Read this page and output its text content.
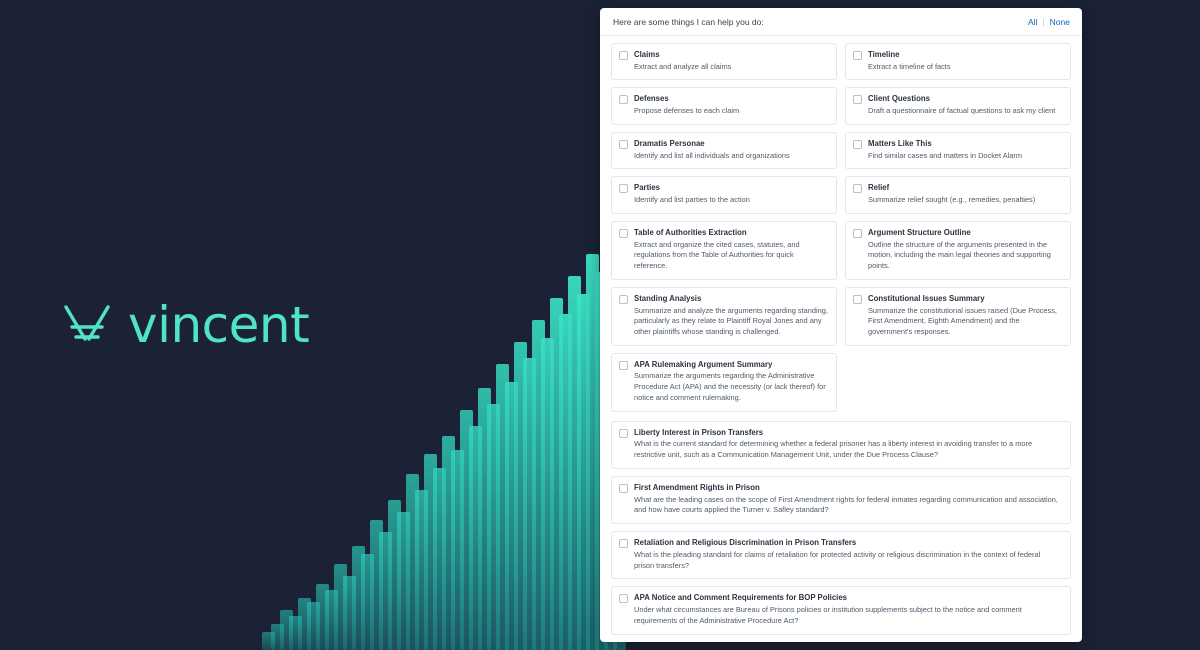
vincent
Here are some things I can help you do:	All | None
Claims
Extract and analyze all claims
Timeline
Extract a timeline of facts
Defenses
Propose defenses to each claim
Client Questions
Draft a questionnaire of factual questions to ask my client
Dramatis Personae
Identify and list all individuals and organizations
Matters Like This
Find similar cases and matters in Docket Alarm
Parties
Identify and list parties to the action
Relief
Summarize relief sought (e.g., remedies, penalties)
Table of Authorities Extraction
Extract and organize the cited cases, statutes, and regulations from the Table of Authorities for quick reference.
Argument Structure Outline
Outline the structure of the arguments presented in the motion, including the main legal theories and supporting points.
Standing Analysis
Summarize and analyze the arguments regarding standing, particularly as they relate to Plaintiff Royal Jones and any other plaintiffs whose standing is challenged.
Constitutional Issues Summary
Summarize the constitutional issues raised (Due Process, First Amendment, Eighth Amendment) and the government's responses.
APA Rulemaking Argument Summary
Summarize the arguments regarding the Administrative Procedure Act (APA) and the necessity (or lack thereof) for notice and comment rulemaking.
Liberty Interest in Prison Transfers
What is the current standard for determining whether a federal prisoner has a liberty interest in avoiding transfer to a more restrictive unit, such as a Communication Management Unit, under the Due Process Clause?
First Amendment Rights in Prison
What are the leading cases on the scope of First Amendment rights for federal inmates regarding communication and association, and how have courts applied the Turner v. Safley standard?
Retaliation and Religious Discrimination in Prison Transfers
What is the pleading standard for claims of retaliation for protected activity or religious discrimination in the context of federal prison transfers?
APA Notice and Comment Requirements for BOP Policies
Under what circumstances are Bureau of Prisons policies or institution supplements subject to the notice and comment requirements of the Administrative Procedure Act?
